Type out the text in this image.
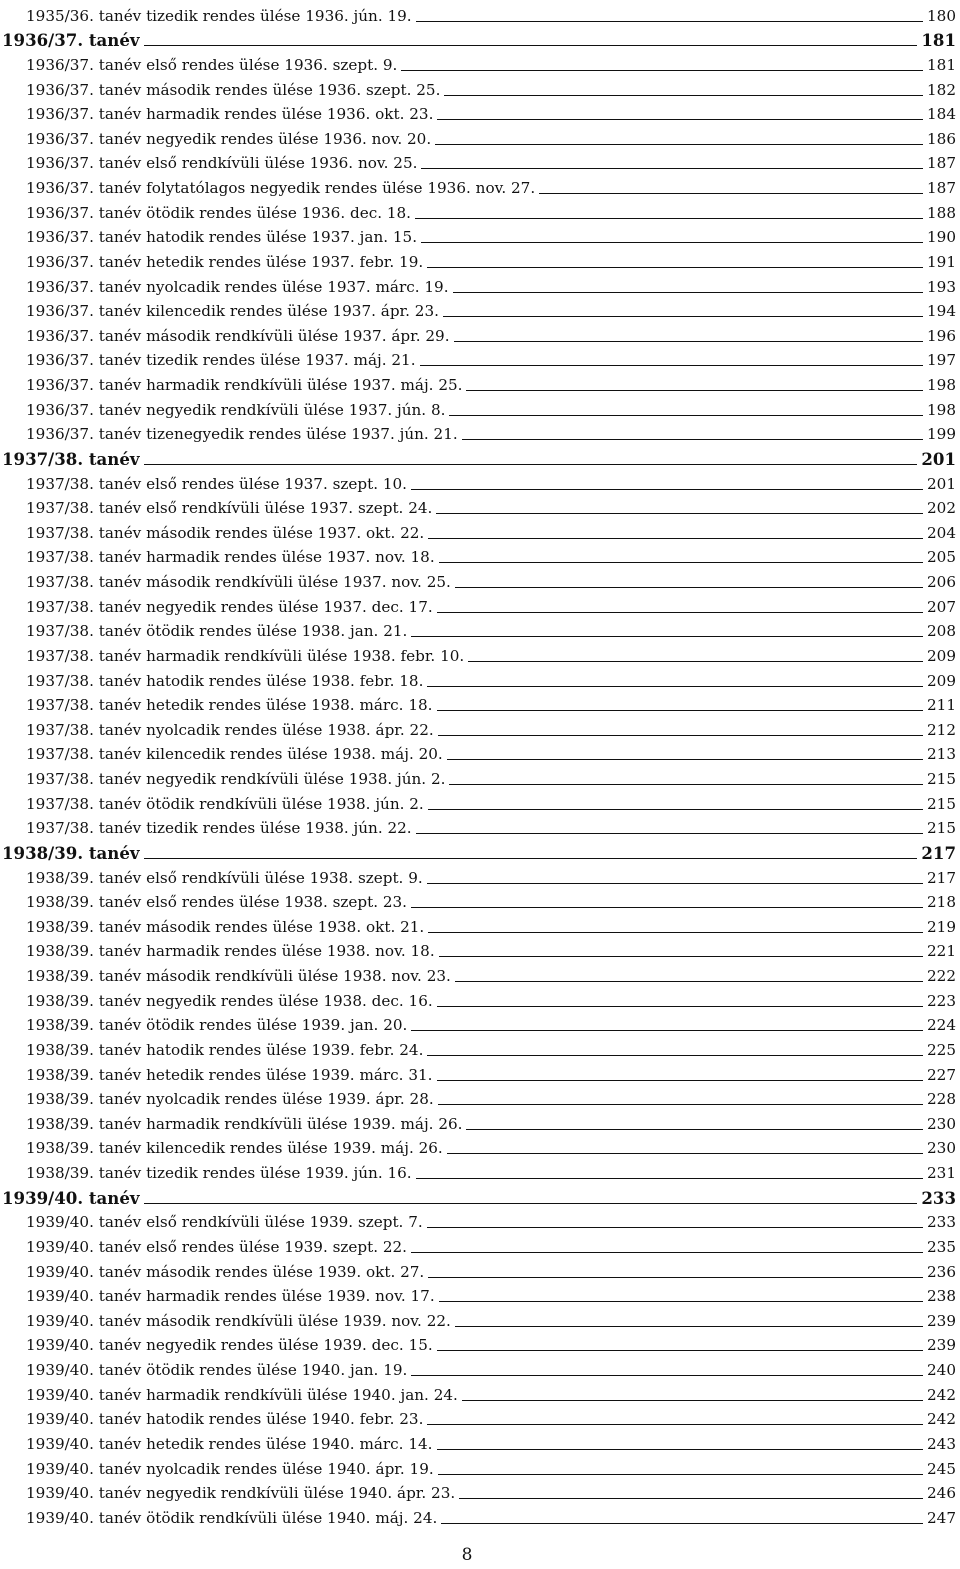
1935/36. tanév tizedik rendes ülése 1936. jún. 19.	180
1936/37. tanév	181
1936/37. tanév első rendes ülése 1936. szept. 9.	181
1936/37. tanév második rendes ülése 1936. szept. 25.	182
1936/37. tanév harmadik rendes ülése 1936. okt. 23.	184
1936/37. tanév negyedik rendes ülése 1936. nov. 20.	186
1936/37. tanév első rendkívüli ülése 1936. nov. 25.	187
1936/37. tanév folytatólagos negyedik rendes ülése 1936. nov. 27.	187
1936/37. tanév ötödik rendes ülése 1936. dec. 18.	188
1936/37. tanév hatodik rendes ülése 1937. jan. 15.	190
1936/37. tanév hetedik rendes ülése 1937. febr. 19.	191
1936/37. tanév nyolcadik rendes ülése 1937. márc. 19.	193
1936/37. tanév kilencedik rendes ülése 1937. ápr. 23.	194
1936/37. tanév második rendkívüli ülése 1937. ápr. 29.	196
1936/37. tanév tizedik rendes ülése 1937. máj. 21.	197
1936/37. tanév harmadik rendkívüli ülése 1937. máj. 25.	198
1936/37. tanév negyedik rendkívüli ülése 1937. jún. 8.	198
1936/37. tanév tizenegyedik rendes ülése 1937. jún. 21.	199
1937/38. tanév	201
1937/38. tanév első rendes ülése 1937. szept. 10.	201
1937/38. tanév első rendkívüli ülése 1937. szept. 24.	202
1937/38. tanév második rendes ülése 1937. okt. 22.	204
1937/38. tanév harmadik rendes ülése 1937. nov. 18.	205
1937/38. tanév második rendkívüli ülése 1937. nov. 25.	206
1937/38. tanév negyedik rendes ülése 1937. dec. 17.	207
1937/38. tanév ötödik rendes ülése 1938. jan. 21.	208
1937/38. tanév harmadik rendkívüli ülése 1938. febr. 10.	209
1937/38. tanév hatodik rendes ülése 1938. febr. 18.	209
1937/38. tanév hetedik rendes ülése 1938. márc. 18.	211
1937/38. tanév nyolcadik rendes ülése 1938. ápr. 22.	212
1937/38. tanév kilencedik rendes ülése 1938. máj. 20.	213
1937/38. tanév negyedik rendkívüli ülése 1938. jún. 2.	215
1937/38. tanév ötödik rendkívüli ülése 1938. jún. 2.	215
1937/38. tanév tizedik rendes ülése 1938. jún. 22.	215
1938/39. tanév	217
1938/39. tanév első rendkívüli ülése 1938. szept. 9.	217
1938/39. tanév első rendes ülése 1938. szept. 23.	218
1938/39. tanév második rendes ülése 1938. okt. 21.	219
1938/39. tanév harmadik rendes ülése 1938. nov. 18.	221
1938/39. tanév második rendkívüli ülése 1938. nov. 23.	222
1938/39. tanév negyedik rendes ülése 1938. dec. 16.	223
1938/39. tanév ötödik rendes ülése 1939. jan. 20.	224
1938/39. tanév hatodik rendes ülése 1939. febr. 24.	225
1938/39. tanév hetedik rendes ülése 1939. márc. 31.	227
1938/39. tanév nyolcadik rendes ülése 1939. ápr. 28.	228
1938/39. tanév harmadik rendkívüli ülése 1939. máj. 26.	230
1938/39. tanév kilencedik rendes ülése 1939. máj. 26.	230
1938/39. tanév tizedik rendes ülése 1939. jún. 16.	231
1939/40. tanév	233
1939/40. tanév első rendkívüli ülése 1939. szept. 7.	233
1939/40. tanév első rendes ülése 1939. szept. 22.	235
1939/40. tanév második rendes ülése 1939. okt. 27.	236
1939/40. tanév harmadik rendes ülése 1939. nov. 17.	238
1939/40. tanév második rendkívüli ülése 1939. nov. 22.	239
1939/40. tanév negyedik rendes ülése 1939. dec. 15.	239
1939/40. tanév ötödik rendes ülése 1940. jan. 19.	240
1939/40. tanév harmadik rendkívüli ülése 1940. jan. 24.	242
1939/40. tanév hatodik rendes ülése 1940. febr. 23.	242
1939/40. tanév hetedik rendes ülése 1940. márc. 14.	243
1939/40. tanév nyolcadik rendes ülése 1940. ápr. 19.	245
1939/40. tanév negyedik rendkívüli ülése 1940. ápr. 23.	246
1939/40. tanév ötödik rendkívüli ülése 1940. máj. 24.	247
8
